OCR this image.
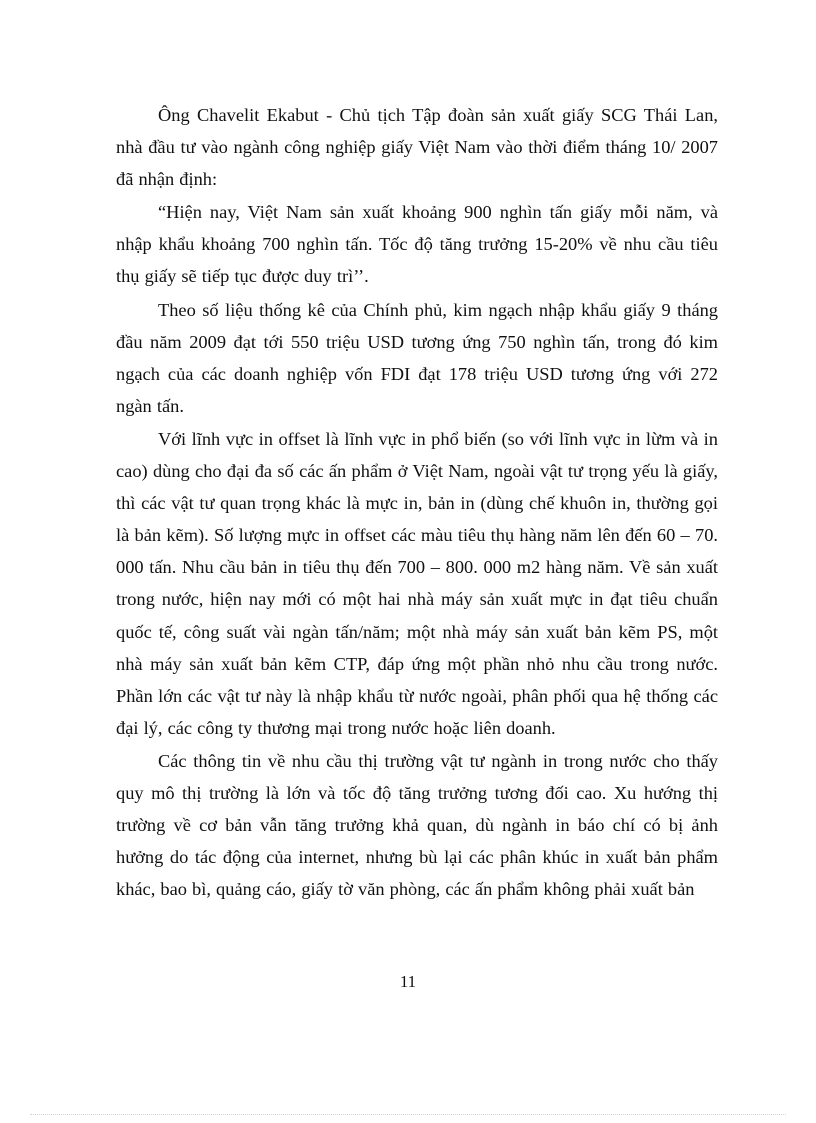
Ông Chavelit Ekabut - Chủ tịch Tập đoàn sản xuất giấy SCG Thái Lan, nhà đầu tư vào ngành công nghiệp giấy Việt Nam vào thời điểm tháng 10/ 2007 đã nhận định:

“Hiện nay, Việt Nam sản xuất khoảng 900 nghìn tấn giấy mỗi năm, và nhập khẩu khoảng 700 nghìn tấn. Tốc độ tăng trưởng 15-20% về nhu cầu tiêu thụ giấy sẽ tiếp tục được duy trì’’.

Theo số liệu thống kê của Chính phủ, kim ngạch nhập khẩu giấy 9 tháng đầu năm 2009 đạt tới 550 triệu USD tương ứng 750 nghìn tấn, trong đó kim ngạch của các doanh nghiệp vốn FDI đạt 178 triệu USD tương ứng với 272 ngàn tấn.

Với lĩnh vực in offset là lĩnh vực in phổ biến (so với lĩnh vực in lừm và in cao) dùng cho đại đa số các ấn phẩm ở Việt Nam, ngoài vật tư trọng yếu là giấy, thì các vật tư quan trọng khác là mực in, bản in (dùng chế khuôn in, thường gọi là bản kẽm). Số lượng mực in offset các màu tiêu thụ hàng năm lên đến 60 – 70. 000 tấn. Nhu cầu bản in tiêu thụ đến 700 – 800. 000 m2 hàng năm. Về sản xuất trong nước, hiện nay mới có một hai nhà máy sản xuất mực in đạt tiêu chuẩn quốc tế, công suất vài ngàn tấn/năm; một nhà máy sản xuất bản kẽm PS, một nhà máy sản xuất bản kẽm CTP, đáp ứng một phần nhỏ nhu cầu trong nước. Phần lớn các vật tư này là nhập khẩu từ nước ngoài, phân phối qua hệ thống các đại lý, các công ty thương mại trong nước hoặc liên doanh.

Các thông tin về nhu cầu thị trường vật tư ngành in trong nước cho thấy quy mô thị trường là lớn và tốc độ tăng trưởng tương đối cao. Xu hướng thị trường về cơ bản vẫn tăng trưởng khả quan, dù ngành in báo chí có bị ảnh hưởng do tác động của internet, nhưng bù lại các phân khúc in xuất bản phẩm khác, bao bì, quảng cáo, giấy tờ văn phòng, các ấn phẩm không phải xuất bản

11
